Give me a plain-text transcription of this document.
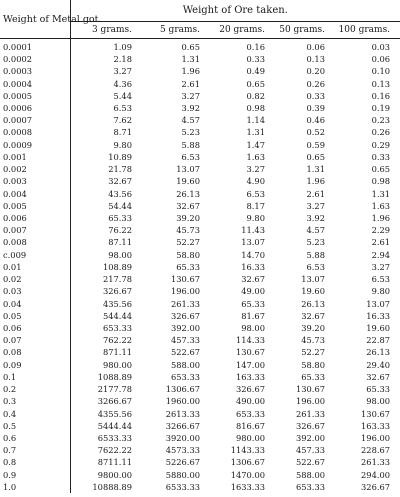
Weight of Metal got.	Weight of Ore taken.				
	3 grams.	5 grams.	20 grams.	50 grams.	100 grams.
0.0001	1.09	0.65	0.16	0.06	0.03
0.0002	2.18	1.31	0.33	0.13	0.06
0.0003	3.27	1.96	0.49	0.20	0.10
0.0004	4.36	2.61	0.65	0.26	0.13
0.0005	5.44	3.27	0.82	0.33	0.16
0.0006	6.53	3.92	0.98	0.39	0.19
0.0007	7.62	4.57	1.14	0.46	0.23
0.0008	8.71	5.23	1.31	0.52	0.26
0.0009	9.80	5.88	1.47	0.59	0.29
0.001	10.89	6.53	1.63	0.65	0.33
0.002	21.78	13.07	3.27	1.31	0.65
0.003	32.67	19.60	4.90	1.96	0.98
0.004	43.56	26.13	6.53	2.61	1.31
0.005	54.44	32.67	8.17	3.27	1.63
0.006	65.33	39.20	9.80	3.92	1.96
0.007	76.22	45.73	11.43	4.57	2.29
0.008	87.11	52.27	13.07	5.23	2.61
c.009	98.00	58.80	14.70	5.88	2.94
0.01	108.89	65.33	16.33	6.53	3.27
0.02	217.78	130.67	32.67	13.07	6.53
0.03	326.67	196.00	49.00	19.60	9.80
0.04	435.56	261.33	65.33	26.13	13.07
0.05	544.44	326.67	81.67	32.67	16.33
0.06	653.33	392.00	98.00	39.20	19.60
0.07	762.22	457.33	114.33	45.73	22.87
0.08	871.11	522.67	130.67	52.27	26.13
0.09	980.00	588.00	147.00	58.80	29.40
0.1	1088.89	653.33	163.33	65.33	32.67
0.2	2177.78	1306.67	326.67	130.67	65.33
0.3	3266.67	1960.00	490.00	196.00	98.00
0.4	4355.56	2613.33	653.33	261.33	130.67
0.5	5444.44	3266.67	816.67	326.67	163.33
0.6	6533.33	3920.00	980.00	392.00	196.00
0.7	7622.22	4573.33	1143.33	457.33	228.67
0.8	8711.11	5226.67	1306.67	522.67	261.33
0.9	9800.00	5880.00	1470.00	588.00	294.00
1.0	10888.89	6533.33	1633.33	653.33	326.67
